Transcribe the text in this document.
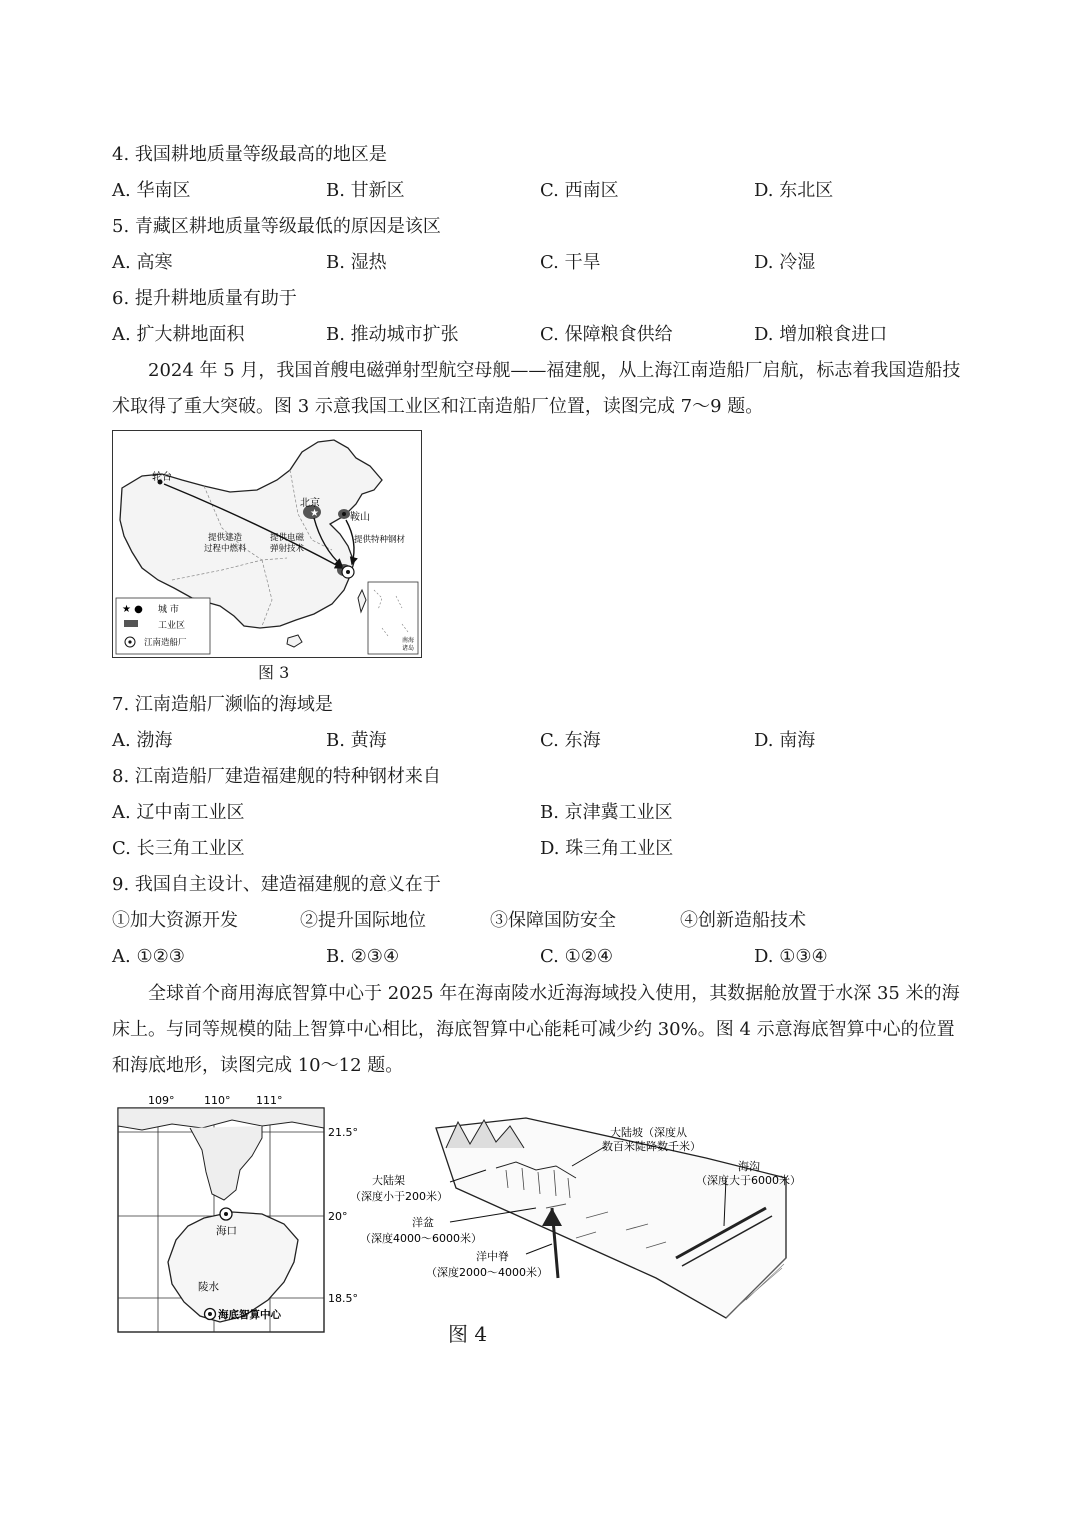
4. 我国耕地质量等级最高的地区是
A. 华南区	B. 甘新区	C. 西南区	D. 东北区
5. 青藏区耕地质量等级最低的原因是该区
A. 高寒	B. 湿热	C. 干旱	D. 冷湿
6. 提升耕地质量有助于
A. 扩大耕地面积	B. 推动城市扩张	C. 保障粮食供给	D. 增加粮食进口
2024 年 5 月，我国首艘电磁弹射型航空母舰——福建舰，从上海江南造船厂启航，标志着我国造船技术取得了重大突破。图 3 示意我国工业区和江南造船厂位置，读图完成 7～9 题。
★
轮台
北京
鞍山
提供建造
过程中燃料
提供电磁
弹射技术
提供特种钢材
南 海
诸 岛
★ ● 城 市
工业区
江南造船厂
图 3
7. 江南造船厂濒临的海域是
A. 渤海	B. 黄海	C. 东海	D. 南海
8. 江南造船厂建造福建舰的特种钢材来自
A. 辽中南工业区	B. 京津冀工业区
C. 长三角工业区	D. 珠三角工业区
9. 我国自主设计、建造福建舰的意义在于
①加大资源开发	②提升国际地位	③保障国防安全	④创新造船技术
A. ①②③	B. ②③④	C. ①②④	D. ①③④
全球首个商用海底智算中心于 2025 年在海南陵水近海海域投入使用，其数据舱放置于水深 35 米的海床上。与同等规模的陆上智算中心相比，海底智算中心能耗可减少约 30%。图 4 示意海底智算中心的位置和海底地形，读图完成 10～12 题。
109°	110° 111°
21.5°
20°
18.5°
海口
陵水
海底智算中心
大陆坡（深度从
数百米陡降数千米）
海沟
（深度大于6000米）
大陆架
（深度小于200米）
洋盆
（深度4000～6000米）
洋中脊
（深度2000～4000米）
图 4
